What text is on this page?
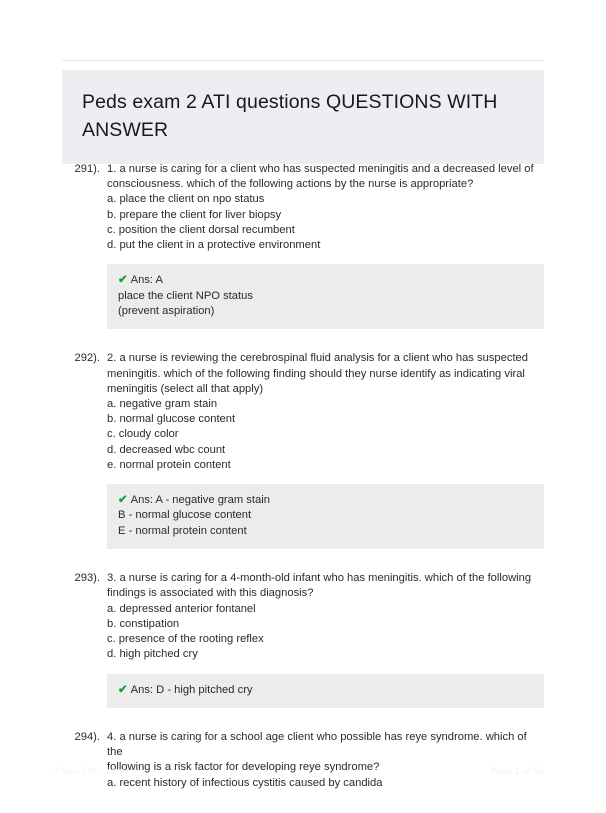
Peds exam 2 ATI questions QUESTIONS WITH ANSWER
291). 1. a nurse is caring for a client who has suspected meningitis and a decreased level of
consciousness. which of the following actions by the nurse is appropriate?
a. place the client on npo status
b. prepare the client for liver biopsy
c. position the client dorsal recumbent
d. put the client in a protective environment
✔ Ans: A
place the client NPO status
(prevent aspiration)
292). 2. a nurse is reviewing the cerebrospinal fluid analysis for a client who has suspected
meningitis. which of the following finding should they nurse identify as indicating viral
meningitis (select all that apply)
a. negative gram stain
b. normal glucose content
c. cloudy color
d. decreased wbc count
e. normal protein content
✔ Ans: A - negative gram stain
B - normal glucose content
E - normal protein content
293). 3. a nurse is caring for a 4-month-old infant who has meningitis. which of the following
findings is associated with this diagnosis?
a. depressed anterior fontanel
b. constipation
c. presence of the rooting reflex
d. high pitched cry
✔ Ans: D - high pitched cry
294). 4. a nurse is caring for a school age client who possible has reye syndrome. which of the
following is a risk factor for developing reye syndrome?
a. recent history of infectious cystitis caused by candida
PaperStbic.com	Page 1 of 15
